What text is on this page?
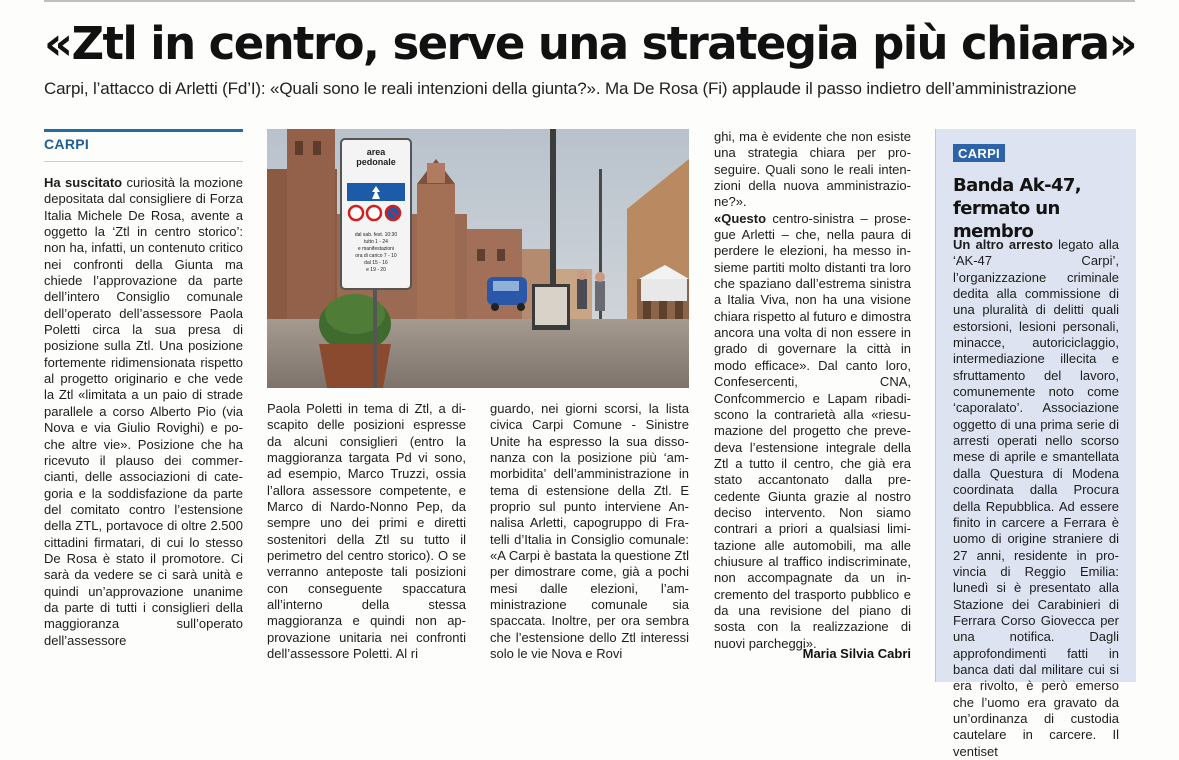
«Ztl in centro, serve una strategia più chiara»
Carpi, l’attacco di Arletti (Fd’I): «Quali sono le reali intenzioni della giunta?». Ma De Rosa (Fi) applaude il passo indietro dell’amministrazione
CARPI
Ha suscitato curiosità la mozione depositata dal consigliere di Forza Italia Michele De Rosa, avente a oggetto la ‘Ztl in centro storico’: non ha, infatti, un contenuto critico nei confronti della Giunta ma chiede l’approvazione da parte dell’intero Consiglio comunale dell’operato dell’assessore Paola Poletti circa la sua presa di posizione sulla Ztl. Una posizione fortemente ridimensionata rispetto al progetto originario e che vede la Ztl «limitata a un paio di strade parallele a corso Alberto Pio (via Nova e via Giulio Rovighi) e poche altre vie». Posizione che ha ricevuto il plauso dei commercianti, delle associazioni di categoria e la soddisfazione da parte del comitato contro l’estensione della ZTL, portavoce di oltre 2.500 cittadini firmatari, di cui lo stesso De Rosa è stato il promotore. Ci sarà da vedere se ci sarà unità e quindi un’approvazione unanime da parte di tutti i consiglieri della maggioranza sull’operato dell’assessore
area pedonale
dal sab. fest. 10:30
tutto 1 - 24
e manifestazioni
ora di carico 7 - 10
dal 15 - 16
e 19 - 20
Paola Poletti in tema di Ztl, a discapito delle posizioni espresse da alcuni consiglieri (entro la maggioranza targata Pd vi sono, ad esempio, Marco Truzzi, ossia l’allora assessore competente, e Marco di Nardo-Nonno Pep, da sempre uno dei primi e diretti sostenitori della Ztl su tutto il perimetro del centro storico). O se verranno anteposte tali posizioni con conseguente spaccatura all’interno della stessa maggioranza e quindi non approvazione unitaria nei confronti dell’assessore Poletti. Al ri
guardo, nei giorni scorsi, la lista civica Carpi Comune - Sinistre Unite ha espresso la sua dissonanza con la posizione più ‘ammorbidita’ dell’amministrazione in tema di estensione della Ztl. E proprio sul punto interviene Annalisa Arletti, capogruppo di Fratelli d’Italia in Consiglio comunale: «A Carpi è bastata la questione Ztl per dimostrare come, già a pochi mesi dalle elezioni, l’amministrazione comunale sia spaccata. Inoltre, per ora sembra che l’estensione dello Ztl interessi solo le vie Nova e Rovi
ghi, ma è evidente che non esiste una strategia chiara per proseguire. Quali sono le reali intenzioni della nuova amministrazione?».
«Questo centro-sinistra – prosegue Arletti – che, nella paura di perdere le elezioni, ha messo insieme partiti molto distanti tra loro che spaziano dall’estrema sinistra a Italia Viva, non ha una visione chiara rispetto al futuro e dimostra ancora una volta di non essere in grado di governare la città in modo efficace». Dal canto loro, Confesercenti, CNA, Confcommercio e Lapam ribadiscono la contrarietà alla «riesumazione del progetto che prevedeva l’estensione integrale della Ztl a tutto il centro, che già era stato accantonato dalla precedente Giunta grazie al nostro deciso intervento. Non siamo contrari a priori a qualsiasi limitazione alle automobili, ma alle chiusure al traffico indiscriminate, non accompagnate da un incremento del trasporto pubblico e da una revisione del piano di sosta con la realizzazione di nuovi parcheggi».
Maria Silvia Cabri
CARPI
Banda Ak-47, fermato un membro
Un altro arresto legato alla ‘AK-47 Carpi’, l’organizzazione criminale dedita alla commissione di una pluralità di delitti quali estorsioni, lesioni personali, minacce, autoriciclaggio, intermediazione illecita e sfruttamento del lavoro, comunemente noto come ‘caporalato’. Associazione oggetto di una prima serie di arresti operati nello scorso mese di aprile e smantellata dalla Questura di Modena coordinata dalla Procura della Repubblica. Ad essere finito in carcere a Ferrara è uomo di origine straniere di 27 anni, residente in provincia di Reggio Emilia: lunedì si è presentato alla Stazione dei Carabinieri di Ferrara Corso Giovecca per una notifica. Dagli approfondimenti fatti in banca dati dal militare cui si era rivolto, è però emerso che l’uomo era gravato da un’ordinanza di custodia cautelare in carcere. Il ventiset
